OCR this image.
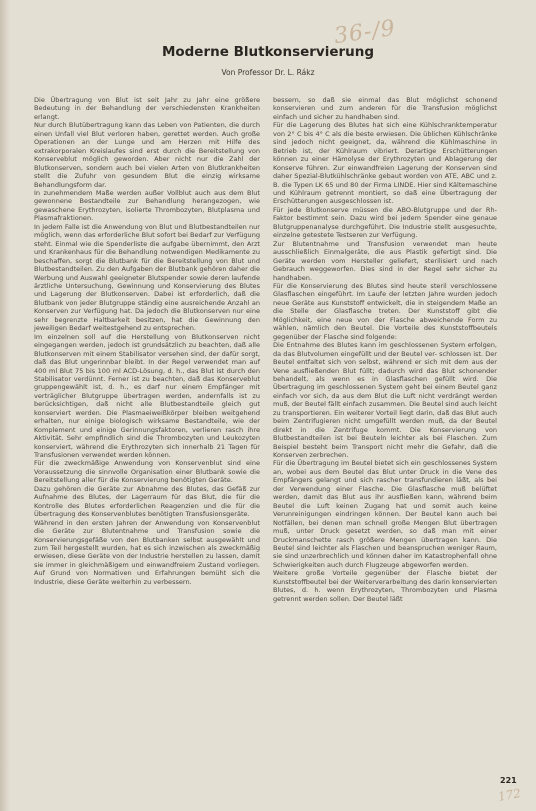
36-/9
Moderne Blutkonservierung
Von Professor Dr. L. Rákz

Die Übertragung von Blut ist seit Jahr zu Jahr eine größere Bedeutung in der Behandlung der verschiedensten Krankheiten erlangt.

Nur durch Blutübertragung kann das Leben von Patienten, die durch einen Unfall viel Blut verloren haben, gerettet werden. Auch große Operationen an der Lunge und am Herzen mit Hilfe des extrakorporalen Kreislaufes sind erst durch die Bereitstellung von Konserveblut möglich geworden. Aber nicht nur die Zahl der Blutkonserven, sondern auch bei vielen Arten von Blutkrankheiten stellt die Zufuhr von gesundem Blut die einzig wirksame Behandlungsform dar.

In zunehmendem Maße werden außer Vollblut auch aus dem Blut gewonnene Bestandteile zur Behandlung herangezogen, wie gewaschene Erythrozyten, isolierte Thrombozyten, Blutplasma und Plasmafraktionen.

In jedem Falle ist die Anwendung von Blut und Blutbestandteilen nur möglich, wenn das erforderliche Blut sofort bei Bedarf zur Verfügung steht. Einmal wie die Spenderliste die aufgabe übernimmt, den Arzt und Krankenhaus für die Behandlung notwendigen Medikamente zu beschaffen, sorgt die Blutbank für die Bereitstellung von Blut und Blutbestandteilen. Zu den Aufgaben der Blutbank gehören daher die Werbung und Auswahl geeigneter Blutspender sowie deren laufende ärztliche Untersuchung, Gewinnung und Konservierung des Blutes und Lagerung der Blutkonserven. Dabei ist erforderlich, daß die Blutbank von jeder Blutgruppe ständig eine ausreichende Anzahl an Konserven zur Verfügung hat. Da jedoch die Blutkonserven nur eine sehr begrenzte Haltbarkeit besitzen, hat die Gewinnung den jeweiligen Bedarf weitestgehend zu entsprechen.

Im einzelnen soll auf die Herstellung von Blutkonserven nicht eingegangen werden, jedoch ist grundsätzlich zu beachten, daß alle Blutkonserven mit einem Stabilisator versehen sind, der dafür sorgt, daß das Blut ungerinnbar bleibt. In der Regel verwendet man auf 400 ml Blut 75 bis 100 ml ACD-Lösung, d. h., das Blut ist durch den Stabilisator verdünnt. Ferner ist zu beachten, daß das Konserveblut gruppengewählt ist, d. h., es darf nur einem Empfänger mit verträglicher Blutgruppe übertragen werden, andernfalls ist zu berücksichtigen, daß nicht alle Blutbestandteile gleich gut konserviert werden. Die Plasmaeiweißkörper bleiben weitgehend erhalten, nur einige biologisch wirksame Bestandteile, wie der Komplement und einige Gerinnungsfaktoren, verlieren rasch ihre Aktivität. Sehr empfindlich sind die Thrombozyten und Leukozyten konserviert, während die Erythrozyten sich innerhalb 21 Tagen für Transfusionen verwendet werden können.

Für die zweckmäßige Anwendung von Konservenblut sind eine Voraussetzung die sinnvolle Organisation einer Blutbank sowie die Bereitstellung aller für die Konservierung benötigten Geräte.

Dazu gehören die Geräte zur Abnahme des Blutes, das Gefäß zur Aufnahme des Blutes, der Lagerraum für das Blut, die für die Kontrolle des Blutes erforderlichen Reagenzien und die für die Übertragung des Konservenblutes benötigten Transfusionsgeräte.

Während in den ersten Jahren der Anwendung von Konservenblut die Geräte zur Blutentnahme und Transfusion sowie die Konservierungsgefäße von den Blutbanken selbst ausgewählt und zum Teil hergestellt wurden, hat es sich inzwischen als zweckmäßig erwiesen, diese Geräte von der Industrie herstellen zu lassen, damit sie immer in gleichmäßigem und einwandfreiem Zustand vorliegen. Auf Grund von Normativen und Erfahrungen bemüht sich die Industrie, diese Geräte weiterhin zu verbessern.

bessern, so daß sie einmal das Blut möglichst schonend konservieren und zum anderen für die Transfusion möglichst einfach und sicher zu handhaben sind.

Für die Lagerung des Blutes hat sich eine Kühlschranktemperatur von 2° C bis 4° C als die beste erwiesen. Die üblichen Kühlschränke sind jedoch nicht geeignet, da, während die Kühlmaschine in Betrieb ist, der Kühlraum vibriert. Derartige Erschütterungen können zu einer Hämolyse der Erythrozyten und Ablagerung der Konserve führen. Zur einwandfreien Lagerung der Konserven sind daher Spezial-Blutkühlschränke gebaut worden von ATE, ABC und z. B. die Typen LK 65 und 80 der Firma LINDE. Hier sind Kältemaschine und Kühlraum getrennt montiert, so daß eine Übertragung der Erschütterungen ausgeschlossen ist.

Für jede Blutkonserve müssen die ABO-Blutgruppe und der Rh-Faktor bestimmt sein. Dazu wird bei jedem Spender eine genaue Blutgruppenanalyse durchgeführt. Die Industrie stellt ausgesuchte, einzelne getestete Testseren zur Verfügung.

Zur Blutentnahme und Transfusion verwendet man heute ausschließlich Einmalgeräte, die aus Plastik gefertigt sind. Die Geräte werden vom Hersteller geliefert, sterilisiert und nach Gebrauch weggeworfen. Dies sind in der Regel sehr sicher zu handhaben.

Für die Konservierung des Blutes sind heute steril verschlossene Glasflaschen eingeführt. Im Laufe der letzten Jahre wurden jedoch neue Geräte aus Kunststoff entwickelt, die in steigendem Maße an die Stelle der Glasflasche treten. Der Kunststoff gibt die Möglichkeit, eine neue von der Flasche abweichende Form zu wählen, nämlich den Beutel. Die Vorteile des Kunststoffbeutels gegenüber der Flasche sind folgende:

Die Entnahme des Blutes kann im geschlossenen System erfolgen, da das Blutvolumen eingefüllt und der Beutel ver- schlossen ist. Der Beutel entfaltet sich von selbst, während er sich mit dem aus der Vene ausfließenden Blut füllt; dadurch wird das Blut schonender behandelt, als wenn es in Glasflaschen gefüllt wird. Die Übertragung im geschlossenen System geht bei einem Beutel ganz einfach vor sich, da aus dem Blut die Luft nicht verdrängt werden muß, der Beutel fällt einfach zusammen. Die Beutel sind auch leicht zu transportieren. Ein weiterer Vorteil liegt darin, daß das Blut auch beim Zentrifugieren nicht umgefüllt werden muß, da der Beutel direkt in die Zentrifuge kommt. Die Konservierung von Blutbestandteilen ist bei Beuteln leichter als bei Flaschen. Zum Beispiel besteht beim Transport nicht mehr die Gefahr, daß die Konserven zerbrechen.

Für die Übertragung im Beutel bietet sich ein geschlossenes System an, wobei aus dem Beutel das Blut unter Druck in die Vene des Empfängers gelangt und sich rascher transfundieren läßt, als bei der Verwendung einer Flasche. Die Glasflasche muß belüftet werden, damit das Blut aus ihr ausfließen kann, während beim Beutel die Luft keinen Zugang hat und somit auch keine Verunreinigungen eindringen können. Der Beutel kann auch bei Notfällen, bei denen man schnell große Mengen Blut übertragen muß, unter Druck gesetzt werden, so daß man mit einer Druckmanschette rasch größere Mengen übertragen kann. Die Beutel sind leichter als Flaschen und beanspruchen weniger Raum, sie sind unzerbrechlich und können daher im Katastrophenfall ohne Schwierigkeiten auch durch Flugzeuge abgeworfen werden.

Weitere große Vorteile gegenüber der Flasche bietet der Kunststoffbeutel bei der Weiterverarbeitung des darin konservierten Blutes, d. h. wenn Erythrozyten, Thrombozyten und Plasma getrennt werden sollen. Der Beutel läßt

221
172
